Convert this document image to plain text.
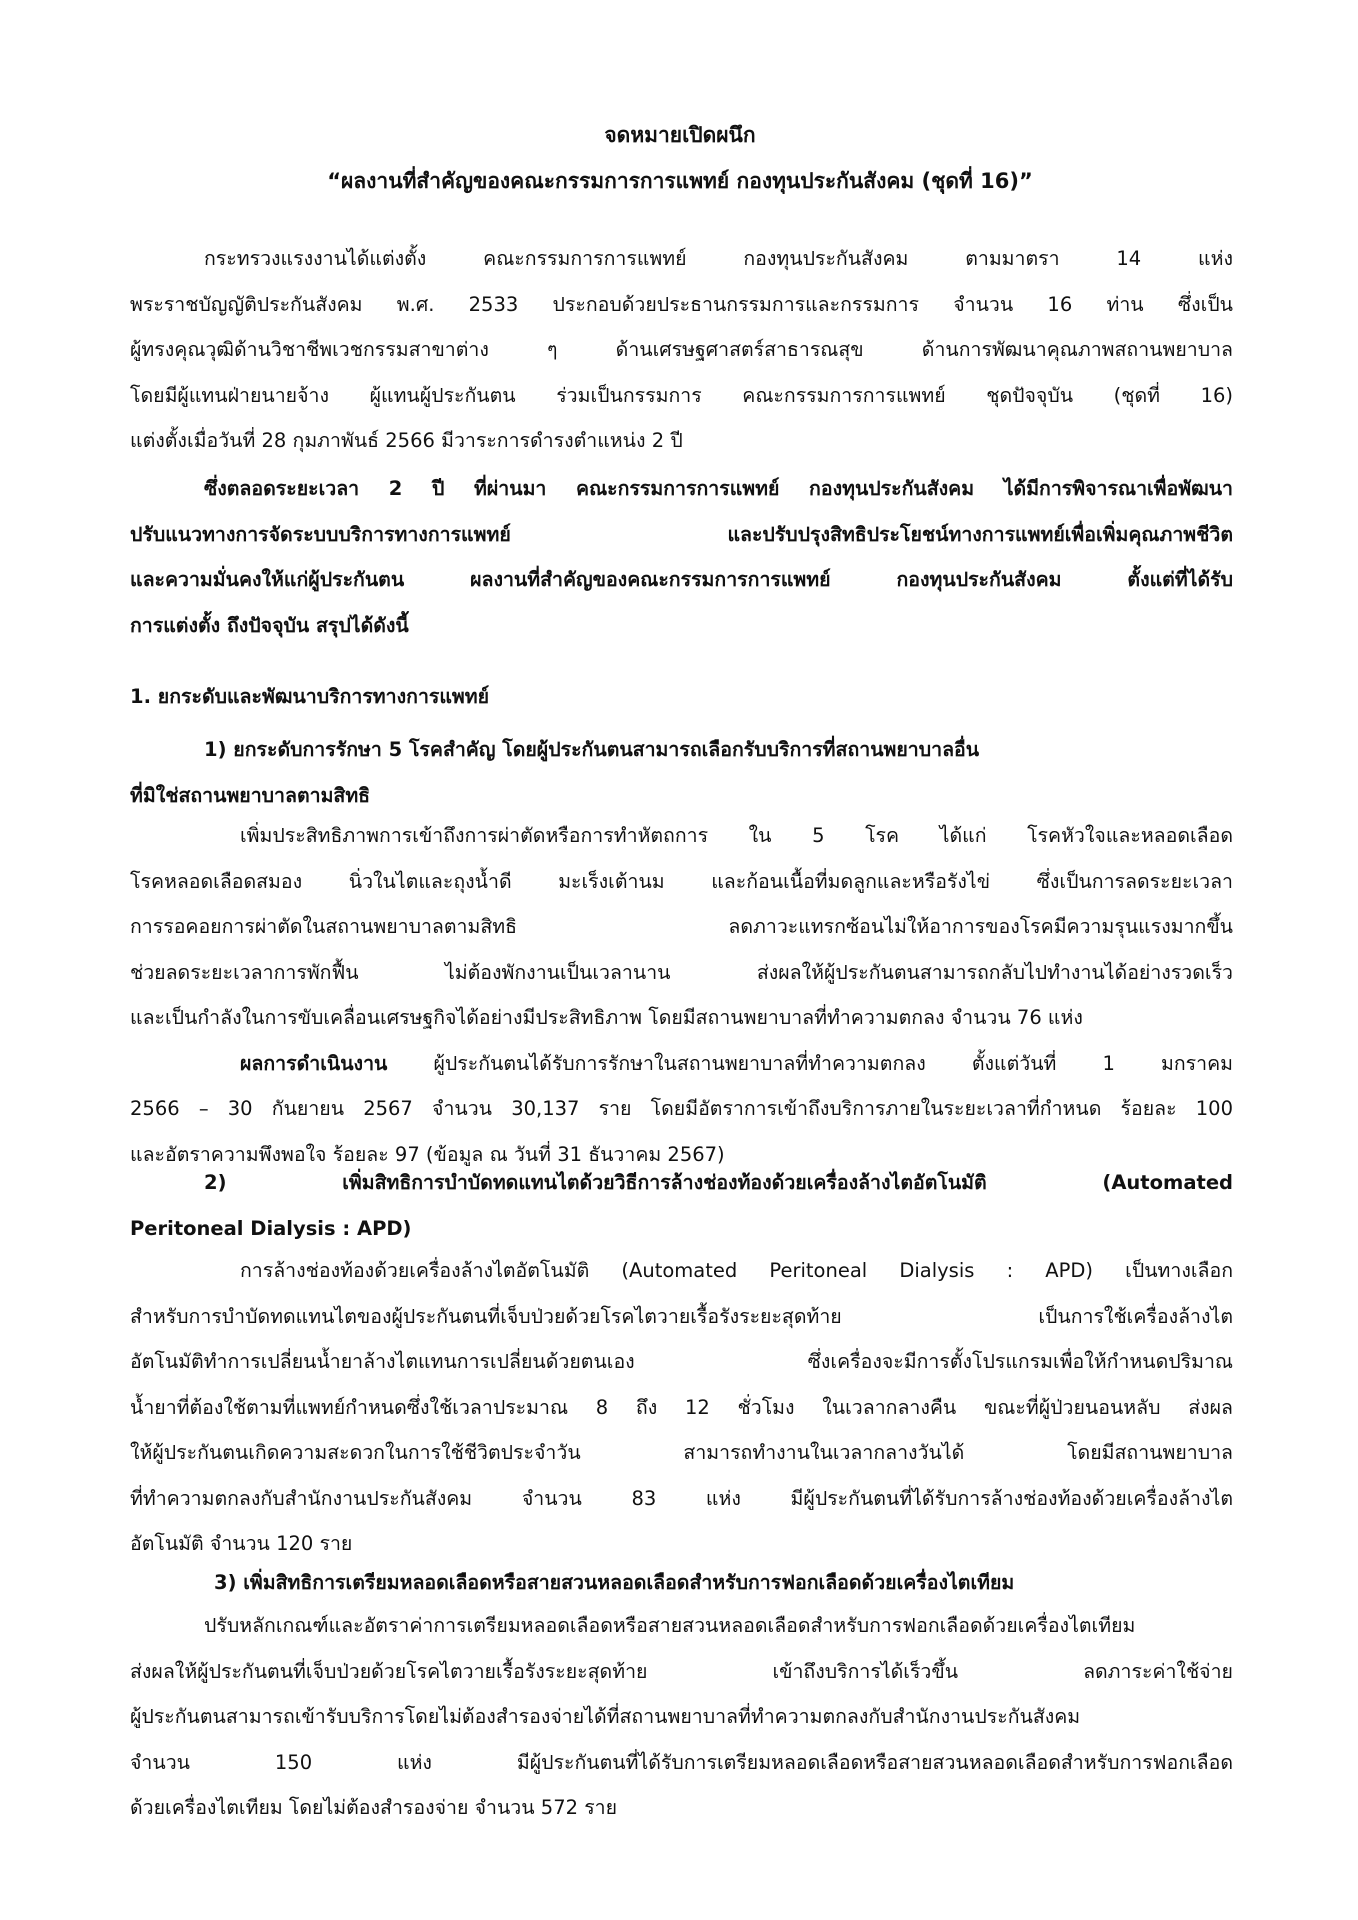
จดหมายเปิดผนึก
“ผลงานที่สำคัญของคณะกรรมการการแพทย์ กองทุนประกันสังคม (ชุดที่ 16)”
กระทรวงแรงงานได้แต่งตั้ง คณะกรรมการการแพทย์ กองทุนประกันสังคม ตามมาตรา 14 แห่ง
พระราชบัญญัติประกันสังคม พ.ศ. 2533 ประกอบด้วยประธานกรรมการและกรรมการ จำนวน 16 ท่าน ซึ่งเป็น
ผู้ทรงคุณวุฒิด้านวิชาชีพเวชกรรมสาขาต่าง ๆ ด้านเศรษฐศาสตร์สาธารณสุข ด้านการพัฒนาคุณภาพสถานพยาบาล
โดยมีผู้แทนฝ่ายนายจ้าง ผู้แทนผู้ประกันตน ร่วมเป็นกรรมการ คณะกรรมการการแพทย์ ชุดปัจจุบัน (ชุดที่ 16)
แต่งตั้งเมื่อวันที่ 28 กุมภาพันธ์ 2566 มีวาระการดำรงตำแหน่ง 2 ปี
ซึ่งตลอดระยะเวลา 2 ปี ที่ผ่านมา คณะกรรมการการแพทย์ กองทุนประกันสังคม ได้มีการพิจารณาเพื่อพัฒนา
ปรับแนวทางการจัดระบบบริการทางการแพทย์ และปรับปรุงสิทธิประโยชน์ทางการแพทย์เพื่อเพิ่มคุณภาพชีวิต
และความมั่นคงให้แก่ผู้ประกันตน ผลงานที่สำคัญของคณะกรรมการการแพทย์ กองทุนประกันสังคม ตั้งแต่ที่ได้รับ
การแต่งตั้ง ถึงปัจจุบัน สรุปได้ดังนี้
1. ยกระดับและพัฒนาบริการทางการแพทย์
1) ยกระดับการรักษา 5 โรคสำคัญ โดยผู้ประกันตนสามารถเลือกรับบริการที่สถานพยาบาลอื่น
ที่มิใช่สถานพยาบาลตามสิทธิ
เพิ่มประสิทธิภาพการเข้าถึงการผ่าตัดหรือการทำหัตถการ ใน 5 โรค ได้แก่ โรคหัวใจและหลอดเลือด
โรคหลอดเลือดสมอง นิ่วในไตและถุงน้ำดี มะเร็งเต้านม และก้อนเนื้อที่มดลูกและหรือรังไข่ ซึ่งเป็นการลดระยะเวลา
การรอคอยการผ่าตัดในสถานพยาบาลตามสิทธิ ลดภาวะแทรกซ้อนไม่ให้อาการของโรคมีความรุนแรงมากขึ้น
ช่วยลดระยะเวลาการพักฟื้น ไม่ต้องพักงานเป็นเวลานาน ส่งผลให้ผู้ประกันตนสามารถกลับไปทำงานได้อย่างรวดเร็ว
และเป็นกำลังในการขับเคลื่อนเศรษฐกิจได้อย่างมีประสิทธิภาพ โดยมีสถานพยาบาลที่ทำความตกลง จำนวน 76 แห่ง
ผลการดำเนินงาน ผู้ประกันตนได้รับการรักษาในสถานพยาบาลที่ทำความตกลง ตั้งแต่วันที่ 1 มกราคม
2566 – 30 กันยายน 2567 จำนวน 30,137 ราย โดยมีอัตราการเข้าถึงบริการภายในระยะเวลาที่กำหนด ร้อยละ 100
และอัตราความพึงพอใจ ร้อยละ 97 (ข้อมูล ณ วันที่ 31 ธันวาคม 2567)
2) เพิ่มสิทธิการบำบัดทดแทนไตด้วยวิธีการล้างช่องท้องด้วยเครื่องล้างไตอัตโนมัติ (Automated
Peritoneal Dialysis : APD)
การล้างช่องท้องด้วยเครื่องล้างไตอัตโนมัติ (Automated Peritoneal Dialysis : APD) เป็นทางเลือก
สำหรับการบำบัดทดแทนไตของผู้ประกันตนที่เจ็บป่วยด้วยโรคไตวายเรื้อรังระยะสุดท้าย เป็นการใช้เครื่องล้างไต
อัตโนมัติทำการเปลี่ยนน้ำยาล้างไตแทนการเปลี่ยนด้วยตนเอง ซึ่งเครื่องจะมีการตั้งโปรแกรมเพื่อให้กำหนดปริมาณ
น้ำยาที่ต้องใช้ตามที่แพทย์กำหนดซึ่งใช้เวลาประมาณ 8 ถึง 12 ชั่วโมง ในเวลากลางคืน ขณะที่ผู้ป่วยนอนหลับ ส่งผล
ให้ผู้ประกันตนเกิดความสะดวกในการใช้ชีวิตประจำวัน สามารถทำงานในเวลากลางวันได้ โดยมีสถานพยาบาล
ที่ทำความตกลงกับสำนักงานประกันสังคม จำนวน 83 แห่ง มีผู้ประกันตนที่ได้รับการล้างช่องท้องด้วยเครื่องล้างไต
อัตโนมัติ จำนวน 120 ราย
3) เพิ่มสิทธิการเตรียมหลอดเลือดหรือสายสวนหลอดเลือดสำหรับการฟอกเลือดด้วยเครื่องไตเทียม
ปรับหลักเกณฑ์และอัตราค่าการเตรียมหลอดเลือดหรือสายสวนหลอดเลือดสำหรับการฟอกเลือดด้วยเครื่องไตเทียม
ส่งผลให้ผู้ประกันตนที่เจ็บป่วยด้วยโรคไตวายเรื้อรังระยะสุดท้าย เข้าถึงบริการได้เร็วขึ้น ลดภาระค่าใช้จ่าย
ผู้ประกันตนสามารถเข้ารับบริการโดยไม่ต้องสำรองจ่ายได้ที่สถานพยาบาลที่ทำความตกลงกับสำนักงานประกันสังคม
จำนวน 150 แห่ง มีผู้ประกันตนที่ได้รับการเตรียมหลอดเลือดหรือสายสวนหลอดเลือดสำหรับการฟอกเลือด
ด้วยเครื่องไตเทียม โดยไม่ต้องสำรองจ่าย จำนวน 572 ราย
